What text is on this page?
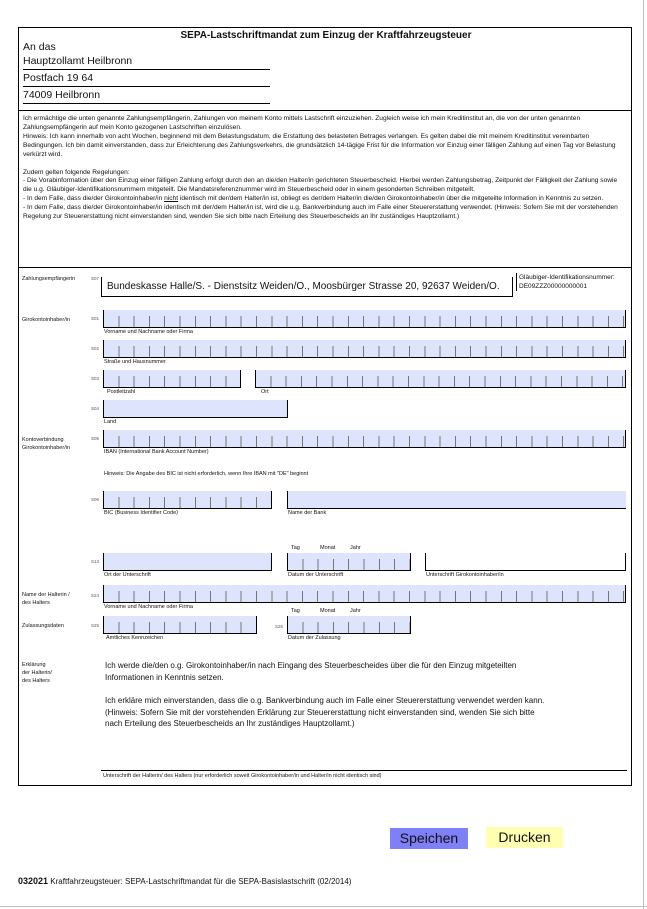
SEPA-Lastschriftmandat zum Einzug der Kraftfahrzeugsteuer
An das
Hauptzollamt Heilbronn
Postfach 19 64
74009 Heilbronn

Ich ermächtige die unten genannte Zahlungsempfängerin, Zahlungen von meinem Konto mittels Lastschrift einzuziehen. Zugleich weise ich mein Kreditinstitut an, die von der unten genannten Zahlungsempfängerin auf mein Konto gezogenen Lastschriften einzulösen.

Hinweis: Ich kann innerhalb von acht Wochen, beginnend mit dem Belastungsdatum, die Erstattung des belasteten Betrages verlangen. Es gelten dabei die mit meinem Kreditinstitut vereinbarten Bedingungen. Ich bin damit einverstanden, dass zur Erleichterung des Zahlungsverkehrs, die grundsätzlich 14-tägige Frist für die Information vor Einzug einer fälligen Zahlung auf einen Tag vor Belastung verkürzt wird.

Zudem gelten folgende Regelungen:

- Die Vorabinformation über den Einzug einer fälligen Zahlung erfolgt durch den an die/den Halter/in gerichteten Steuerbescheid. Hierbei werden Zahlungsbetrag, Zeitpunkt der Fälligkeit der Zahlung sowie die u.g. Gläubiger-Identifikationsnummern mitgeteilt. Die Mandatsreferenznummer wird im Steuerbescheid oder in einem gesonderten Schreiben mitgeteilt.

- In dem Falle, dass die/der Girokontoinhaber/in nicht identisch mit der/dem Halter/in ist, obliegt es der/dem Halter/in die/den Girokontoinhaber/in über die mitgeteilte Information in Kenntnis zu setzen.

- In dem Falle, dass die/der Girokontoinhaber/in identisch mit der/dem Halter/in ist, wird die u.g. Bankverbindung auch im Falle einer Steuererstattung verwendet. (Hinweis: Sofern Sie mit der vorstehenden Regelung zur Steuererstattung nicht einverstanden sind, wenden Sie sich bitte nach Erteilung des Steuerbescheids an Ihr zuständiges Hauptzollamt.)

Zahlungsempfängerin	S07
Bundeskasse Halle/S. - Dienstsitz Weiden/O., Moosbürger Strasse 20, 92637 Weiden/O.
Gläubiger-Identifikationsnummer:
DE09ZZZ00000000001
Girokontoinhaber/in	S01
Vorname und Nachname oder Firma
S02
Straße und Hausnummer
S03
Postleitzahl	Ort
S04
Land
Kontoverbindung
Girokontoinhaber/in
S05
IBAN (International Bank Account Number)
Hinweis: Die Angabe des BIC ist nicht erforderlich, wenn Ihre IBAN mit "DE" beginnt
S06
BIC (Business Identifier Code)	Name der Bank
S13
Ort der Unterschrift
Tag	Monat	Jahr
Datum der Unterschrift	Unterschrift Girokontoinhaber/in
Name der Halterin /
des Halters
S24
Vorname und Nachname oder Firma
Zulassungsdaten	S25
Amtliches Kennzeichen
S26
Tag	Monat	Jahr
Datum der Zulassung
Erklärung
der Halterin/
des Halters

Ich werde die/den o.g. Girokontoinhaber/in nach Eingang des Steuerbescheides über die für den Einzug mitgeteilten Informationen in Kenntnis setzen.

Ich erkläre mich einverstanden, dass die o.g. Bankverbindung auch im Falle einer Steuererstattung verwendet werden kann. (Hinweis: Sofern Sie mit der vorstehenden Erklärung zur Steuererstattung nicht einverstanden sind, wenden Sie sich bitte nach Erteilung des Steuerbescheids an Ihr zuständiges Hauptzollamt.)

Unterschrift der Halterin/ des Halters (nur erforderlich soweit Girokontoinhaber/in und Halter/in nicht identisch sind)
Speichen	Drucken
032021 Kraftfahrzeugsteuer: SEPA-Lastschriftmandat für die SEPA-Basislastschrift (02/2014)
